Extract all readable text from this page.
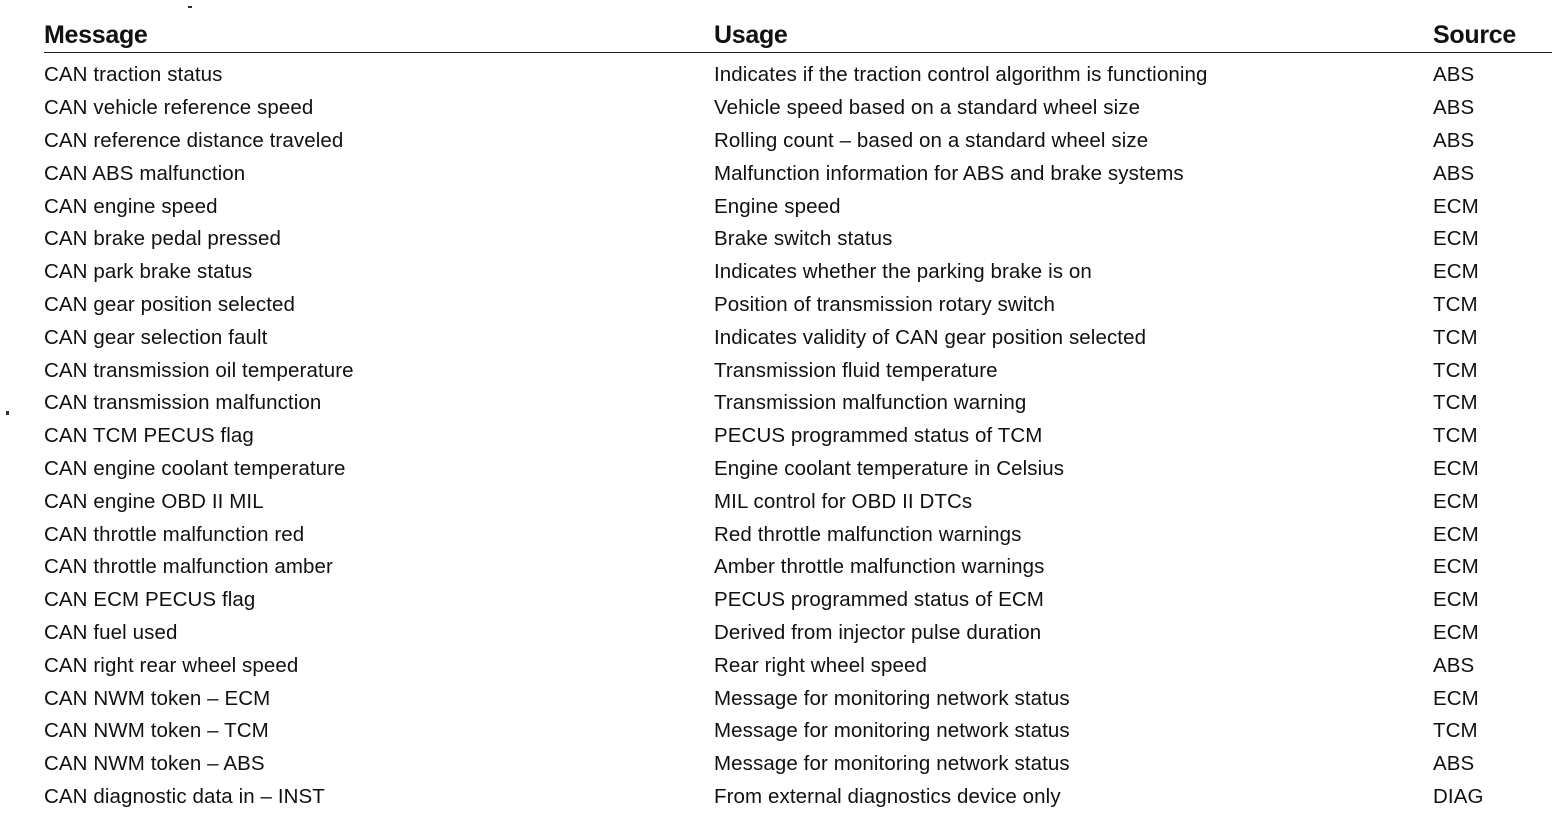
Message	Usage	Source
CAN traction status	Indicates if the traction control algorithm is functioning	ABS
CAN vehicle reference speed	Vehicle speed based on a standard wheel size	ABS
CAN reference distance traveled	Rolling count – based on a standard wheel size	ABS
CAN ABS malfunction	Malfunction information for ABS and brake systems	ABS
CAN engine speed	Engine speed	ECM
CAN brake pedal pressed	Brake switch status	ECM
CAN park brake status	Indicates whether the parking brake is on	ECM
CAN gear position selected	Position of transmission rotary switch	TCM
CAN gear selection fault	Indicates validity of CAN gear position selected	TCM
CAN transmission oil temperature	Transmission fluid temperature	TCM
CAN transmission malfunction	Transmission malfunction warning	TCM
CAN TCM PECUS flag	PECUS programmed status of TCM	TCM
CAN engine coolant temperature	Engine coolant temperature in Celsius	ECM
CAN engine OBD II MIL	MIL control for OBD II DTCs	ECM
CAN throttle malfunction red	Red throttle malfunction warnings	ECM
CAN throttle malfunction amber	Amber throttle malfunction warnings	ECM
CAN ECM PECUS flag	PECUS programmed status of ECM	ECM
CAN fuel used	Derived from injector pulse duration	ECM
CAN right rear wheel speed	Rear right wheel speed	ABS
CAN NWM token – ECM	Message for monitoring network status	ECM
CAN NWM token – TCM	Message for monitoring network status	TCM
CAN NWM token – ABS	Message for monitoring network status	ABS
CAN diagnostic data in – INST	From external diagnostics device only	DIAG
